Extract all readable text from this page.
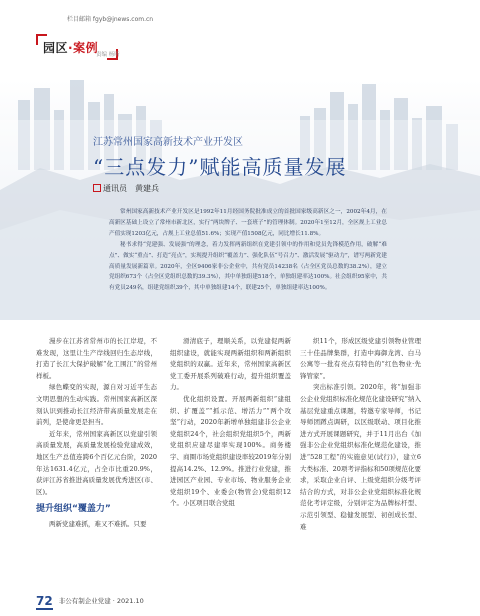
园区·案例
栏目邮箱 fgyb@jnews.com.cn
责编 杨昕
江苏常州国家高新技术产业开发区
“三点发力”赋能高质量发展
通讯员　黄建兵

常州国家高新技术产业开发区是1992年11月经国务院批准成立的首批国家级高新区之一，2002年4月，在高新区基础上设立了常州市新北区，实行“两块牌子、一套班子”的管理体制。2020年1至12月，全区规上工业总产值实现1203亿元，占规上工业总值51.6%；实现产值1508亿元，同比增长11.8%。

秘书求得“党建强、发展强”的理念，着力发挥两新组织在党建引领中的作用和党员先锋模范作用，破解“难点”、做实“重点”、打造“亮点”，实现提升组织“覆盖力”、强化队伍“号召力”、激活发展“驱动力”，谱写两新党建高质量发展新篇章。2020年，全区9406家非公企业中，共有党员14238名（占全区党员总数的38.2%），建立党组织673个（占全区党组织总数的39.3%），其中单独组建518个，单独组建率达100%。社会组织95家中，共有党员249名，组建党组织39个，其中单独组建14个，联建25个，单独组建率达100%。

漫步在江苏省常州市的长江岸堤，不难发现，这里让生产岸线回归生态岸线，打造了长江大保护破解“化工围江”的常州样板。

绿色蝶变的实现，源自对习近平生态文明思想的生动实践。常州国家高新区深刻认识到推动长江经济带高质量发展走在前列，是使命更是担当。

近年来，常州国家高新区以党建引领高质量发展，高质量发展检验党建成效，地区生产总值连跨6个百亿元台阶，2020年达1631.4亿元，占全市比重20.9%，获评江苏省推进高质量发展优秀进区(市、区)。

提升组织“覆盖力”

两新党建难抓，难又不难抓。只要

滑清底子，理顺关系，以党建促两新组织建设，就能实现两新组织和两新组织党组织的双赢。近年来，常州国家高新区党工委开展系列破难行动，提升组织覆盖力。

优化组织设置。开展两新组织“建组织、扩覆盖”“抓示范、增活力”“两个攻坚”行动，2020年新增单独组建非公企业党组织24个，社会组织党组织5个，两新党组织应建尽建率实现100%。商务楼宇、商圈市场党组织建设率较2019年分别提高14.2%、12.9%。推进行业党建，推进园区产业园、专业市场、物业服务企业党组织19个、业委会(物管会)党组织12个。小区项目联合党组

织11个，形成区级党建引领物业管理三十佳品牌集群，打造中海御龙湾、白马公寓等一批有亮点有特色的“红色物业·先锋管家”。

突出标准引领。2020年，将“加强非公企业党组织标准化规范化建设研究”纳入基层党建重点课题，特邀专家导师，书记导师团蹲点调研，以区级联动、项目化推进方式开展课题研究，并于11月出台《加强非公企业党组织标准化规范化建设，推进“528工程”的实施意见(试行)》，建立6大类标准、20项考评指标和50项规范化要求，采取企业自评、上级党组织分级考评结合的方式，对非公企业党组织标准化规范化考评定级，分别评定为品牌标杆型、示范引领型、稳健发展型、初创成长型、难

72 非公有制企业党建 · 2021.10
